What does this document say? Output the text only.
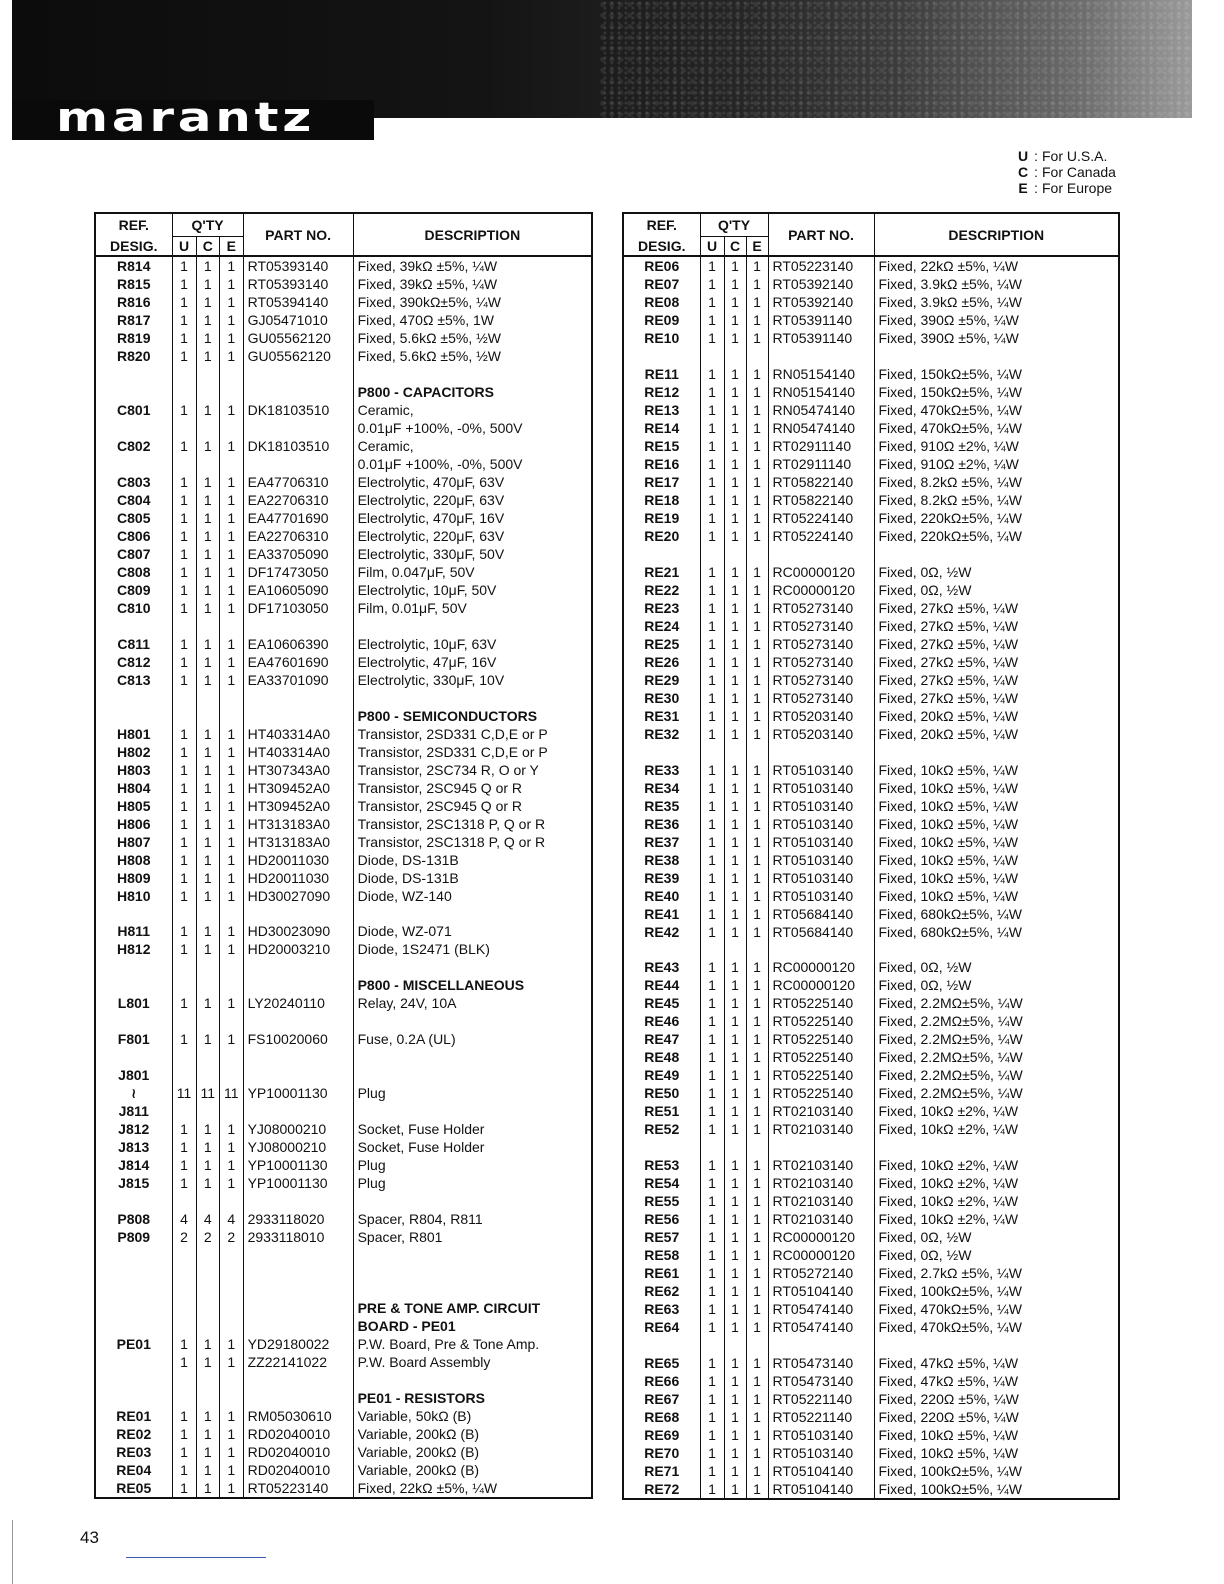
marantz
U : For U.S.A.
C : For Canada
E : For Europe
REF.	Q'TY			PART NO.	DESCRIPTION
DESIG.	U	C	E		
R814	1	1	1	RT05393140	Fixed, 39kΩ ±5%, ¼W
R815	1	1	1	RT05393140	Fixed, 39kΩ ±5%, ¼W
R816	1	1	1	RT05394140	Fixed, 390kΩ±5%, ¼W
R817	1	1	1	GJ05471010	Fixed, 470Ω ±5%, 1W
R819	1	1	1	GU05562120	Fixed, 5.6kΩ ±5%, ½W
R820	1	1	1	GU05562120	Fixed, 5.6kΩ ±5%, ½W

					P800 - CAPACITORS
C801	1	1	1	DK18103510	Ceramic,
					0.01μF +100%, -0%, 500V
C802	1	1	1	DK18103510	Ceramic,
					0.01μF +100%, -0%, 500V
C803	1	1	1	EA47706310	Electrolytic, 470μF, 63V
C804	1	1	1	EA22706310	Electrolytic, 220μF, 63V
C805	1	1	1	EA47701690	Electrolytic, 470μF, 16V
C806	1	1	1	EA22706310	Electrolytic, 220μF, 63V
C807	1	1	1	EA33705090	Electrolytic, 330μF, 50V
C808	1	1	1	DF17473050	Film, 0.047μF, 50V
C809	1	1	1	EA10605090	Electrolytic, 10μF, 50V
C810	1	1	1	DF17103050	Film, 0.01μF, 50V

C811	1	1	1	EA10606390	Electrolytic, 10μF, 63V
C812	1	1	1	EA47601690	Electrolytic, 47μF, 16V
C813	1	1	1	EA33701090	Electrolytic, 330μF, 10V

					P800 - SEMICONDUCTORS
H801	1	1	1	HT403314A0	Transistor, 2SD331 C,D,E or P
H802	1	1	1	HT403314A0	Transistor, 2SD331 C,D,E or P
H803	1	1	1	HT307343A0	Transistor, 2SC734 R, O or Y
H804	1	1	1	HT309452A0	Transistor, 2SC945 Q or R
H805	1	1	1	HT309452A0	Transistor, 2SC945 Q or R
H806	1	1	1	HT313183A0	Transistor, 2SC1318 P, Q or R
H807	1	1	1	HT313183A0	Transistor, 2SC1318 P, Q or R
H808	1	1	1	HD20011030	Diode, DS-131B
H809	1	1	1	HD20011030	Diode, DS-131B
H810	1	1	1	HD30027090	Diode, WZ-140

H811	1	1	1	HD30023090	Diode, WZ-071
H812	1	1	1	HD20003210	Diode, 1S2471 (BLK)

					P800 - MISCELLANEOUS
L801	1	1	1	LY20240110	Relay, 24V, 10A

F801	1	1	1	FS10020060	Fuse, 0.2A (UL)

J801					
≀	11	11	11	YP10001130	Plug
J811					
J812	1	1	1	YJ08000210	Socket, Fuse Holder
J813	1	1	1	YJ08000210	Socket, Fuse Holder
J814	1	1	1	YP10001130	Plug
J815	1	1	1	YP10001130	Plug

P808	4	4	4	2933118020	Spacer, R804, R811
P809	2	2	2	2933118010	Spacer, R801

					PRE & TONE AMP. CIRCUIT
					BOARD - PE01
PE01	1	1	1	YD29180022	P.W. Board, Pre & Tone Amp.
	1	1	1	ZZ22141022	P.W. Board Assembly

					PE01 - RESISTORS
RE01	1	1	1	RM05030610	Variable, 50kΩ (B)
RE02	1	1	1	RD02040010	Variable, 200kΩ (B)
RE03	1	1	1	RD02040010	Variable, 200kΩ (B)
RE04	1	1	1	RD02040010	Variable, 200kΩ (B)
RE05	1	1	1	RT05223140	Fixed, 22kΩ ±5%, ¼W
REF.	Q'TY			PART NO.	DESCRIPTION
DESIG.	U	C	E		
RE06	1	1	1	RT05223140	Fixed, 22kΩ ±5%, ¼W
RE07	1	1	1	RT05392140	Fixed, 3.9kΩ ±5%, ¼W
RE08	1	1	1	RT05392140	Fixed, 3.9kΩ ±5%, ¼W
RE09	1	1	1	RT05391140	Fixed, 390Ω ±5%, ¼W
RE10	1	1	1	RT05391140	Fixed, 390Ω ±5%, ¼W

RE11	1	1	1	RN05154140	Fixed, 150kΩ±5%, ¼W
RE12	1	1	1	RN05154140	Fixed, 150kΩ±5%, ¼W
RE13	1	1	1	RN05474140	Fixed, 470kΩ±5%, ¼W
RE14	1	1	1	RN05474140	Fixed, 470kΩ±5%, ¼W
RE15	1	1	1	RT02911140	Fixed, 910Ω ±2%, ¼W
RE16	1	1	1	RT02911140	Fixed, 910Ω ±2%, ¼W
RE17	1	1	1	RT05822140	Fixed, 8.2kΩ ±5%, ¼W
RE18	1	1	1	RT05822140	Fixed, 8.2kΩ ±5%, ¼W
RE19	1	1	1	RT05224140	Fixed, 220kΩ±5%, ¼W
RE20	1	1	1	RT05224140	Fixed, 220kΩ±5%, ¼W

RE21	1	1	1	RC00000120	Fixed, 0Ω, ½W
RE22	1	1	1	RC00000120	Fixed, 0Ω, ½W
RE23	1	1	1	RT05273140	Fixed, 27kΩ ±5%, ¼W
RE24	1	1	1	RT05273140	Fixed, 27kΩ ±5%, ¼W
RE25	1	1	1	RT05273140	Fixed, 27kΩ ±5%, ¼W
RE26	1	1	1	RT05273140	Fixed, 27kΩ ±5%, ¼W
RE29	1	1	1	RT05273140	Fixed, 27kΩ ±5%, ¼W
RE30	1	1	1	RT05273140	Fixed, 27kΩ ±5%, ¼W
RE31	1	1	1	RT05203140	Fixed, 20kΩ ±5%, ¼W
RE32	1	1	1	RT05203140	Fixed, 20kΩ ±5%, ¼W

RE33	1	1	1	RT05103140	Fixed, 10kΩ ±5%, ¼W
RE34	1	1	1	RT05103140	Fixed, 10kΩ ±5%, ¼W
RE35	1	1	1	RT05103140	Fixed, 10kΩ ±5%, ¼W
RE36	1	1	1	RT05103140	Fixed, 10kΩ ±5%, ¼W
RE37	1	1	1	RT05103140	Fixed, 10kΩ ±5%, ¼W
RE38	1	1	1	RT05103140	Fixed, 10kΩ ±5%, ¼W
RE39	1	1	1	RT05103140	Fixed, 10kΩ ±5%, ¼W
RE40	1	1	1	RT05103140	Fixed, 10kΩ ±5%, ¼W
RE41	1	1	1	RT05684140	Fixed, 680kΩ±5%, ¼W
RE42	1	1	1	RT05684140	Fixed, 680kΩ±5%, ¼W

RE43	1	1	1	RC00000120	Fixed, 0Ω, ½W
RE44	1	1	1	RC00000120	Fixed, 0Ω, ½W
RE45	1	1	1	RT05225140	Fixed, 2.2MΩ±5%, ¼W
RE46	1	1	1	RT05225140	Fixed, 2.2MΩ±5%, ¼W
RE47	1	1	1	RT05225140	Fixed, 2.2MΩ±5%, ¼W
RE48	1	1	1	RT05225140	Fixed, 2.2MΩ±5%, ¼W
RE49	1	1	1	RT05225140	Fixed, 2.2MΩ±5%, ¼W
RE50	1	1	1	RT05225140	Fixed, 2.2MΩ±5%, ¼W
RE51	1	1	1	RT02103140	Fixed, 10kΩ ±2%, ¼W
RE52	1	1	1	RT02103140	Fixed, 10kΩ ±2%, ¼W

RE53	1	1	1	RT02103140	Fixed, 10kΩ ±2%, ¼W
RE54	1	1	1	RT02103140	Fixed, 10kΩ ±2%, ¼W
RE55	1	1	1	RT02103140	Fixed, 10kΩ ±2%, ¼W
RE56	1	1	1	RT02103140	Fixed, 10kΩ ±2%, ¼W
RE57	1	1	1	RC00000120	Fixed, 0Ω, ½W
RE58	1	1	1	RC00000120	Fixed, 0Ω, ½W
RE61	1	1	1	RT05272140	Fixed, 2.7kΩ ±5%, ¼W
RE62	1	1	1	RT05104140	Fixed, 100kΩ±5%, ¼W
RE63	1	1	1	RT05474140	Fixed, 470kΩ±5%, ¼W
RE64	1	1	1	RT05474140	Fixed, 470kΩ±5%, ¼W

RE65	1	1	1	RT05473140	Fixed, 47kΩ ±5%, ¼W
RE66	1	1	1	RT05473140	Fixed, 47kΩ ±5%, ¼W
RE67	1	1	1	RT05221140	Fixed, 220Ω ±5%, ¼W
RE68	1	1	1	RT05221140	Fixed, 220Ω ±5%, ¼W
RE69	1	1	1	RT05103140	Fixed, 10kΩ ±5%, ¼W
RE70	1	1	1	RT05103140	Fixed, 10kΩ ±5%, ¼W
RE71	1	1	1	RT05104140	Fixed, 100kΩ±5%, ¼W
RE72	1	1	1	RT05104140	Fixed, 100kΩ±5%, ¼W
43
